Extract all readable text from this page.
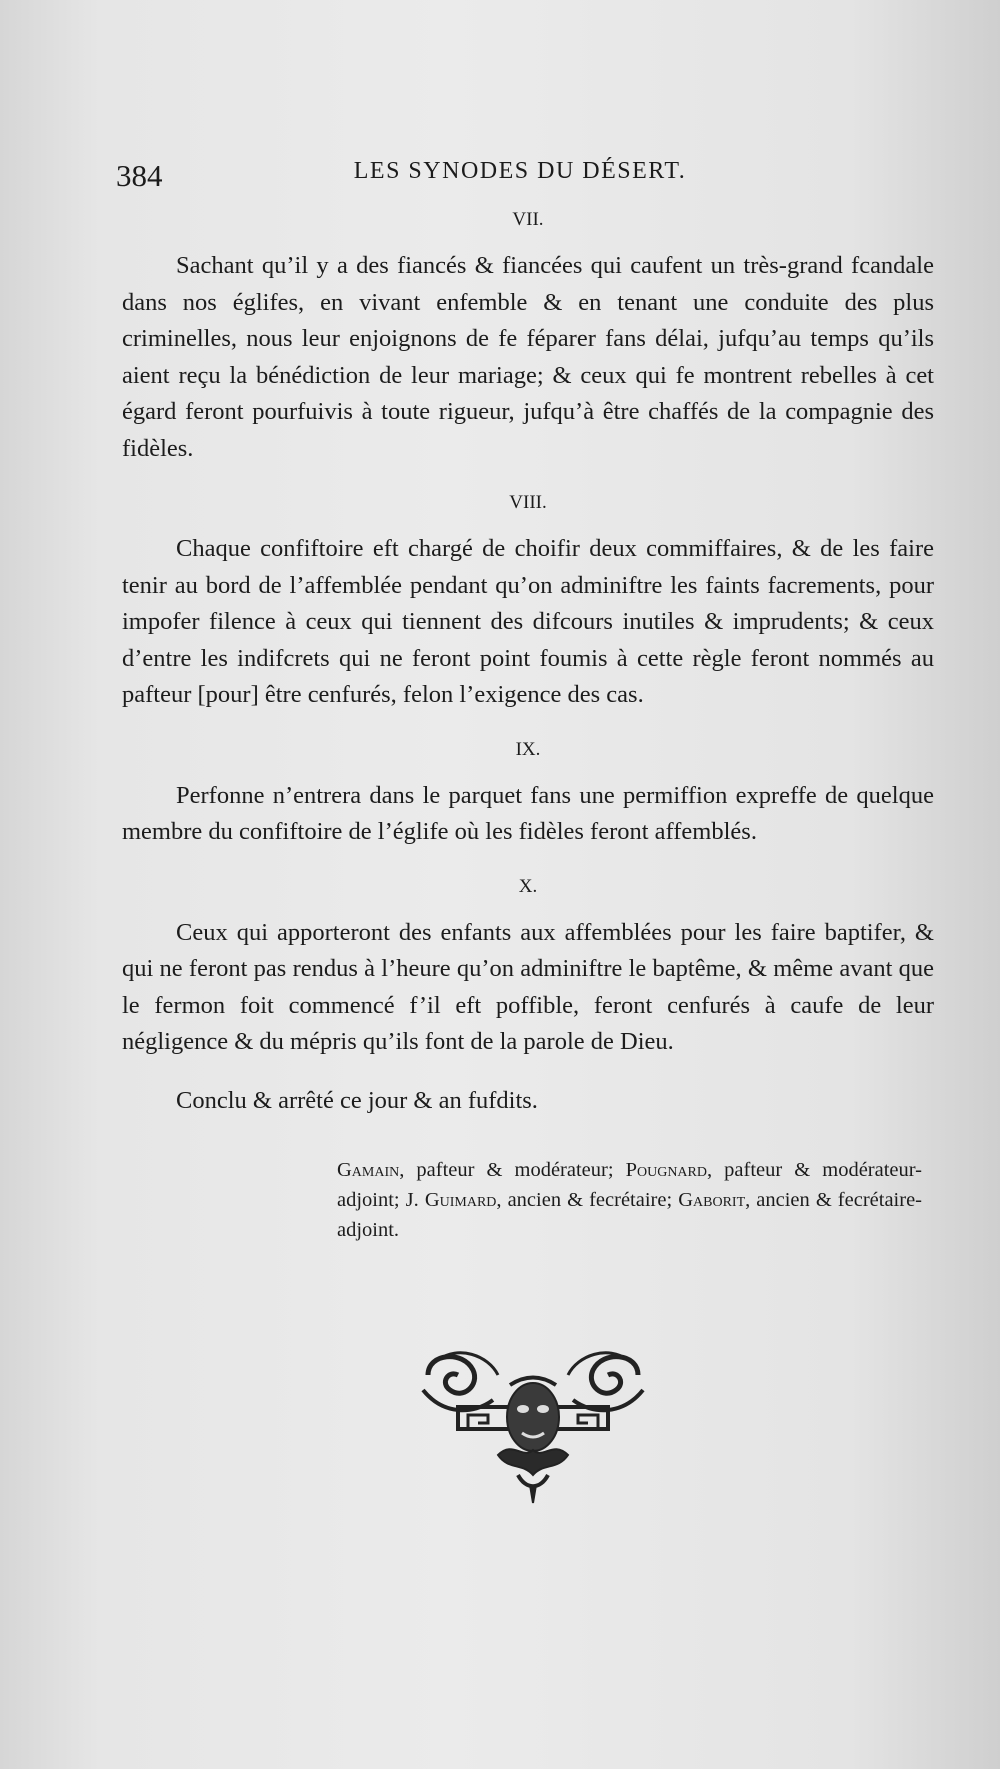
384	LES SYNODES DU DÉSERT.

VII.

Sachant qu’il y a des fiancés & fiancées qui caufent un très-grand fcandale dans nos églifes, en vivant enfemble & en tenant une conduite des plus criminelles, nous leur enjoignons de fe féparer fans délai, jufqu’au temps qu’ils aient reçu la bénédiction de leur mariage; & ceux qui fe montrent rebelles à cet égard feront pourfuivis à toute rigueur, jufqu’à être chaffés de la compagnie des fidèles.

VIII.

Chaque confiftoire eft chargé de choifir deux commiffaires, & de les faire tenir au bord de l’affemblée pendant qu’on adminiftre les faints facrements, pour impofer filence à ceux qui tiennent des difcours inutiles & imprudents; & ceux d’entre les indifcrets qui ne feront point foumis à cette règle feront nommés au pafteur [pour] être cenfurés, felon l’exigence des cas.

IX.

Perfonne n’entrera dans le parquet fans une permiffion expreffe de quelque membre du confiftoire de l’églife où les fidèles feront affemblés.

X.

Ceux qui apporteront des enfants aux affemblées pour les faire baptifer, & qui ne feront pas rendus à l’heure qu’on adminiftre le baptême, & même avant que le fermon foit commencé f’il eft poffible, feront cenfurés à caufe de leur négligence & du mépris qu’ils font de la parole de Dieu.

Conclu & arrêté ce jour & an fufdits.

Gamain, pafteur & modérateur; Pougnard, pafteur & modérateur-adjoint; J. Guimard, ancien & fecrétaire; Gaborit, ancien & fecrétaire-adjoint.
